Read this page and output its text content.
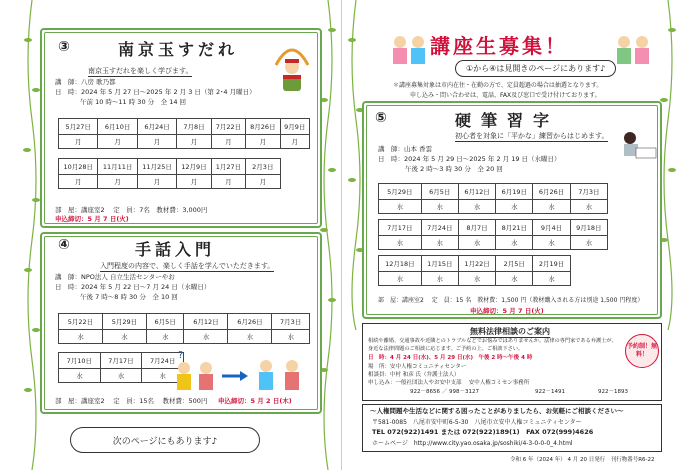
③	南京玉すだれ
南京玉すだれを楽しく学びます。
講　師：八房 歌乃都
日　時：2024 年 5 月 27 日～2025 年 2 月 3 日（第 2･4 月曜日）
午前 10 時～11 時 30 分　全 14 回
5月27日	6月10日	6月24日	7月8日	7月22日	8月26日	9月9日
月	月	月	月	月	月	月

10月28日	11月11日	11月25日	12月9日	1月27日	2月3日	
月	月	月	月	月	月	
部　屋：講座室2　 定　員：7名　教材費：3,000円
申込締切：5 月 7 日(火)
④	手話入門
入門程度の内容で、楽しく手話を学んでいただきます。
講　師：NPO法人 自立生活センターやお
日　時：2024 年 5 月 22 日～7 月 24 日（水曜日）
午後 7 時～8 時 30 分　全 10 回
5月22日	5月29日	6月5日	6月12日	6月26日	7月3日
水	水	水	水	水	水
7月10日	7月17日	7月24日
水	水	水
?
部　屋：講座室2　 定　員：15名　 教材費：500円 申込締切：5 月 2 日(木)
次のページにもあります♪
講座生募集！
①から④は見開きのページにあります♪
＊講座募集対象は市内在住・在勤の方で、定員超過の場合は抽選となります。
申し込み・問い合わせは、電話、FAX及び窓口で受け付けております。
⑤	硬筆習字
初心者を対象に「平かな」練習からはじめます。
講　師：山本 香雲
日　時：2024 年 5 月 29 日～2025 年 2 月 19 日（水曜日）
午後 2 時～3 時 30 分　全 20 回
5月29日	6月5日	6月12日	6月19日	6月26日	7月3日
水	水	水	水	水	水

7月17日	7月24日	8月7日	8月21日	9月4日	9月18日
水	水	水	水	水	水

12月18日	1月15日	1月22日	2月5日	2月19日	
水	水	水	水	水	
部　屋：講座室2　 定　員：15 名　教材費：1,500 円（教材購入される方は別途 1,500 円程度）
申込締切：5 月 7 日(火)
無料法律相談のご案内
相続や離婚、交通事故や近隣とのトラブルなどでお悩みではありませんか。法律の専門家である弁護士が、
身近な法律問題のご相談に応じます。ご予約の上、ご相談下さい。
日　時：4 月 24 日(水)、5 月 29 日(水)　午後 2 時～午後 4 時
場　所：安中人権コミュニティセンター
相談員：中村 和彦 氏（弁護士法人）
申し込み：一般社団法人やお安中支部　 安中人権コミセン事務所
922－8656 ／ 998－3127	922－1491	922－1893
予約制！無料！
～人権問題や生活などに関する困ったことがありましたら、お気軽にご相談ください～
〒581-0085　八尾市安中町6-5-30　八尾市立安中人権コミュニティセンター
TEL 072(922)1491 または 072(922)189(1)　FAX 072(999)4626
ホームページ　http://www.city.yao.osaka.jp/soshiki/4-3-0-0-0_4.html
令和 6 年（2024 年） 4 月 20 日発行　刊行物番号R6-22
